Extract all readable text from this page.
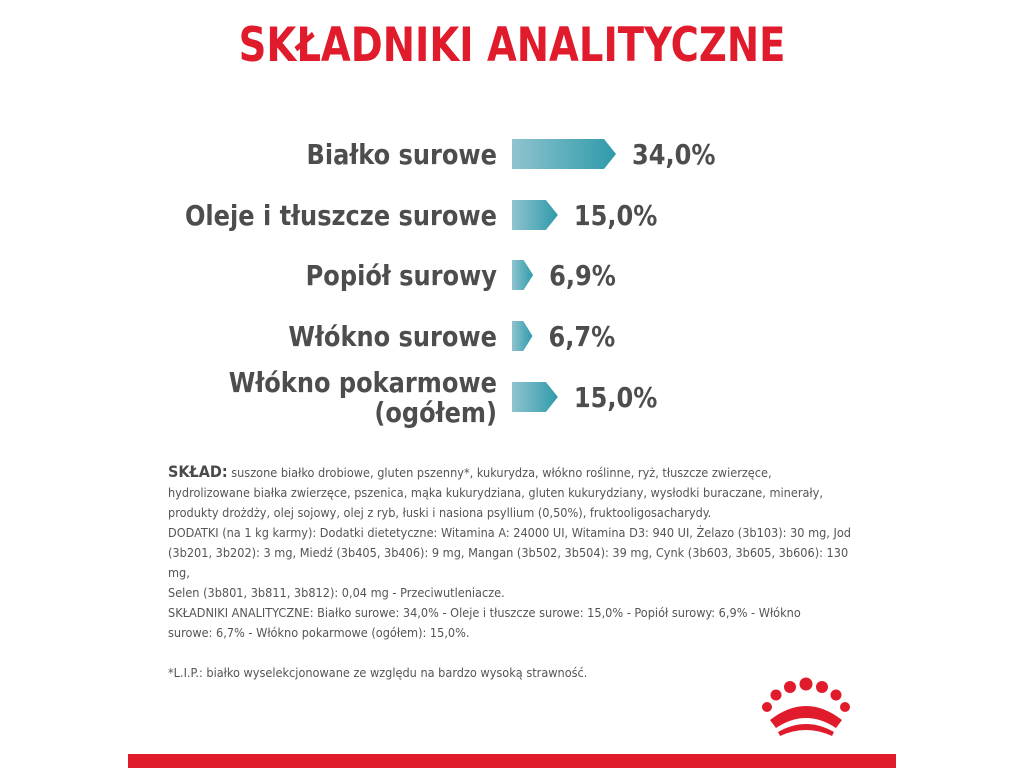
SKŁADNIKI ANALITYCZNE
34,0%
Białko surowe
15,0%
Oleje i tłuszcze surowe
6,9%
Popiół surowy
6,7%
Włókno surowe
15,0%
Włókno pokarmowe
(ogółem)

SKŁAD: suszone białko drobiowe, gluten pszenny*, kukurydza, włókno roślinne, ryż, tłuszcze zwierzęce,

hydrolizowane białka zwierzęce, pszenica, mąka kukurydziana, gluten kukurydziany, wysłodki buraczane, minerały,

produkty drożdży, olej sojowy, olej z ryb, łuski i nasiona psyllium (0,50%), fruktooligosacharydy.

DODATKI (na 1 kg karmy): Dodatki dietetyczne: Witamina A: 24000 UI, Witamina D3: 940 UI, Żelazo (3b103): 30 mg, Jod

(3b201, 3b202): 3 mg, Miedź (3b405, 3b406): 9 mg, Mangan (3b502, 3b504): 39 mg, Cynk (3b603, 3b605, 3b606): 130 mg,

Selen (3b801, 3b811, 3b812): 0,04 mg - Przeciwutleniacze.

SKŁADNIKI ANALITYCZNE: Białko surowe: 34,0% - Oleje i tłuszcze surowe: 15,0% - Popiół surowy: 6,9% - Włókno

surowe: 6,7% - Włókno pokarmowe (ogółem): 15,0%.

*L.I.P.: białko wyselekcjonowane ze względu na bardzo wysoką strawność.
